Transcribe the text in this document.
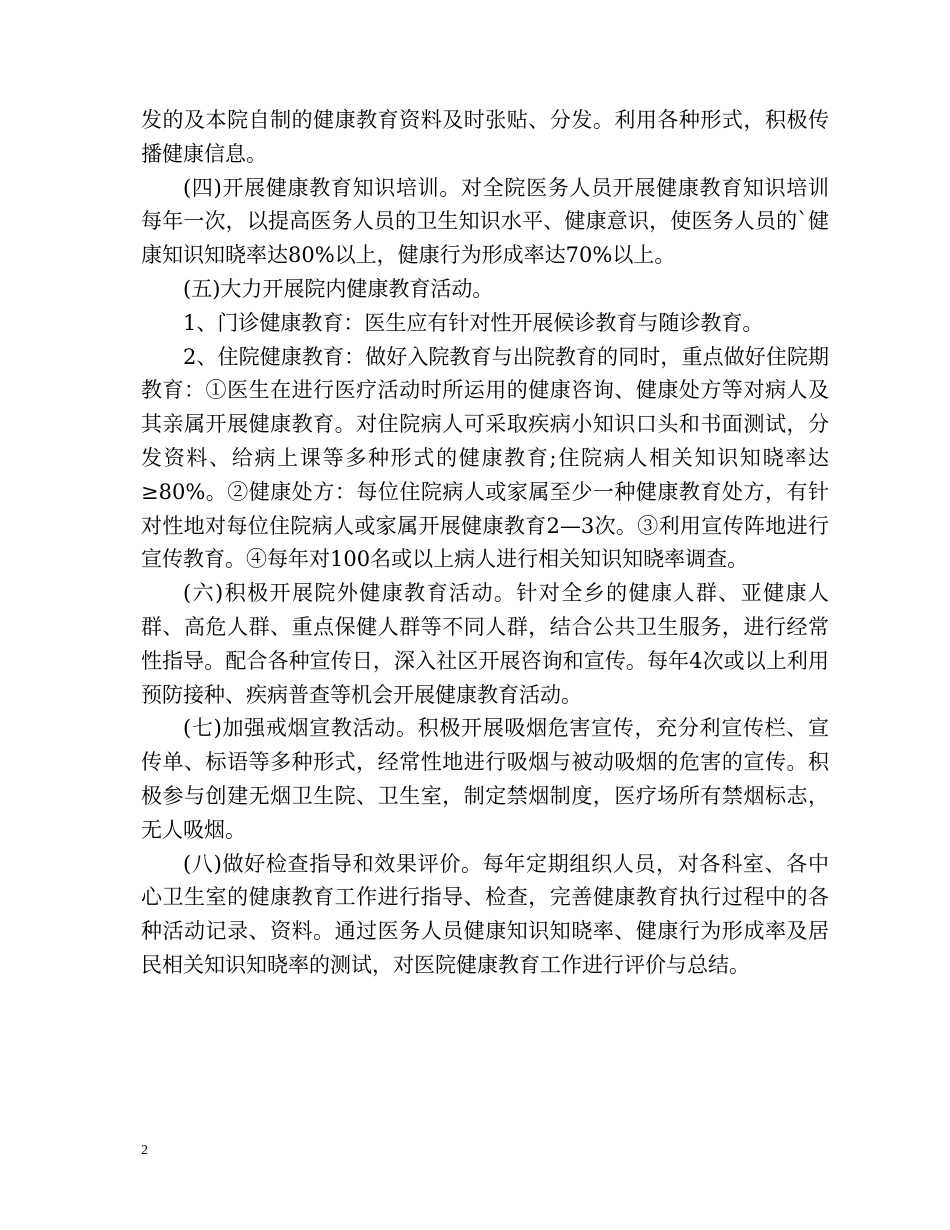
发的及本院自制的健康教育资料及时张贴、分发。利用各种形式，积极传播健康信息。

(四)开展健康教育知识培训。对全院医务人员开展健康教育知识培训每年一次，以提高医务人员的卫生知识水平、健康意识，使医务人员的`健康知识知晓率达80%以上，健康行为形成率达70%以上。

(五)大力开展院内健康教育活动。

1、门诊健康教育：医生应有针对性开展候诊教育与随诊教育。

2、住院健康教育：做好入院教育与出院教育的同时，重点做好住院期教育：①医生在进行医疗活动时所运用的健康咨询、健康处方等对病人及其亲属开展健康教育。对住院病人可采取疾病小知识口头和书面测试，分发资料、给病上课等多种形式的健康教育;住院病人相关知识知晓率达≥80%。②健康处方：每位住院病人或家属至少一种健康教育处方，有针对性地对每位住院病人或家属开展健康教育2—3次。③利用宣传阵地进行宣传教育。④每年对100名或以上病人进行相关知识知晓率调查。

(六)积极开展院外健康教育活动。针对全乡的健康人群、亚健康人群、高危人群、重点保健人群等不同人群，结合公共卫生服务，进行经常性指导。配合各种宣传日，深入社区开展咨询和宣传。每年4次或以上利用预防接种、疾病普查等机会开展健康教育活动。

(七)加强戒烟宣教活动。积极开展吸烟危害宣传，充分利宣传栏、宣传单、标语等多种形式，经常性地进行吸烟与被动吸烟的危害的宣传。积极参与创建无烟卫生院、卫生室，制定禁烟制度，医疗场所有禁烟标志，无人吸烟。

(八)做好检查指导和效果评价。每年定期组织人员，对各科室、各中心卫生室的健康教育工作进行指导、检查，完善健康教育执行过程中的各种活动记录、资料。通过医务人员健康知识知晓率、健康行为形成率及居民相关知识知晓率的测试，对医院健康教育工作进行评价与总结。

2
